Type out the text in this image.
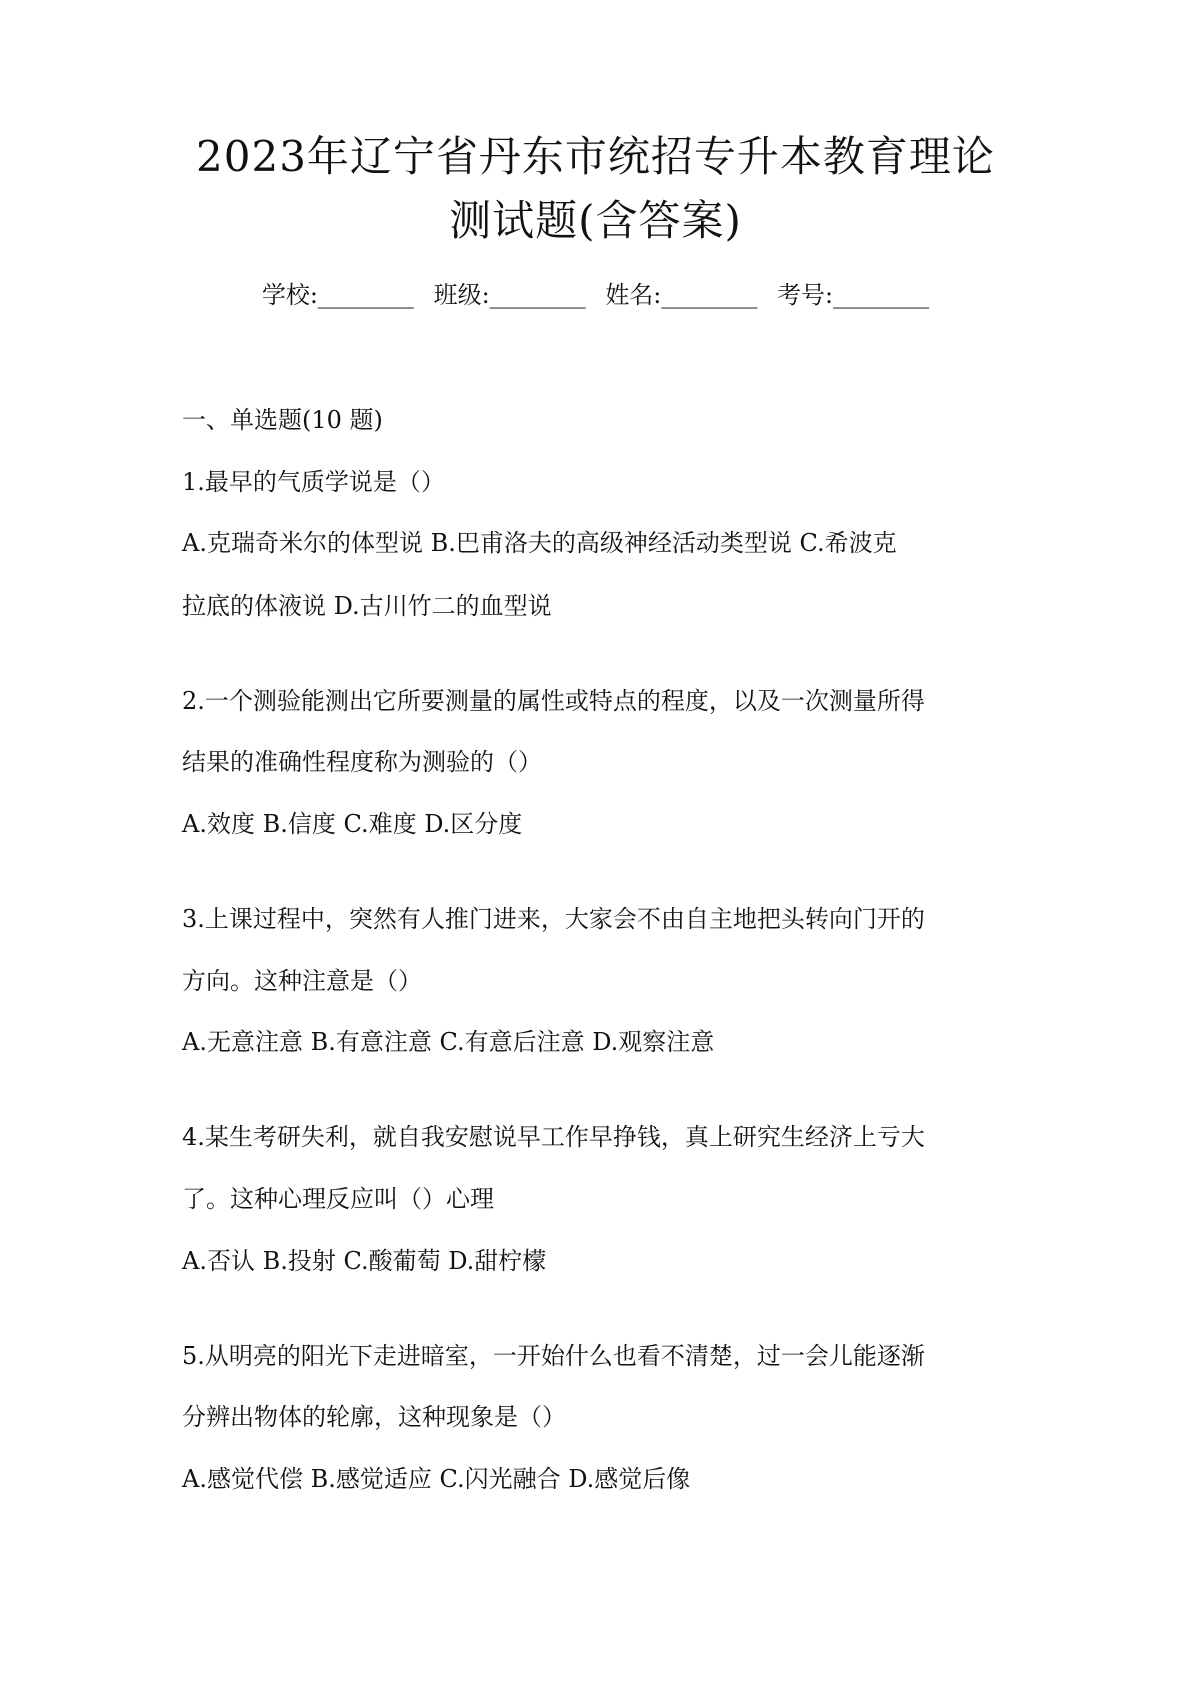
2023年辽宁省丹东市统招专升本教育理论
测试题(含答案)
学校:________ 班级:________ 姓名:________ 考号:________
一、单选题(10 题)
1.最早的气质学说是（）
A.克瑞奇米尔的体型说 B.巴甫洛夫的高级神经活动类型说 C.希波克
拉底的体液说 D.古川竹二的血型说
2.一个测验能测出它所要测量的属性或特点的程度，以及一次测量所得
结果的准确性程度称为测验的（）
A.效度 B.信度 C.难度 D.区分度
3.上课过程中，突然有人推门进来，大家会不由自主地把头转向门开的
方向。这种注意是（）
A.无意注意 B.有意注意 C.有意后注意 D.观察注意
4.某生考研失利，就自我安慰说早工作早挣钱，真上研究生经济上亏大
了。这种心理反应叫（）心理
A.否认 B.投射 C.酸葡萄 D.甜柠檬
5.从明亮的阳光下走进暗室，一开始什么也看不清楚，过一会儿能逐渐
分辨出物体的轮廓，这种现象是（）
A.感觉代偿 B.感觉适应 C.闪光融合 D.感觉后像
